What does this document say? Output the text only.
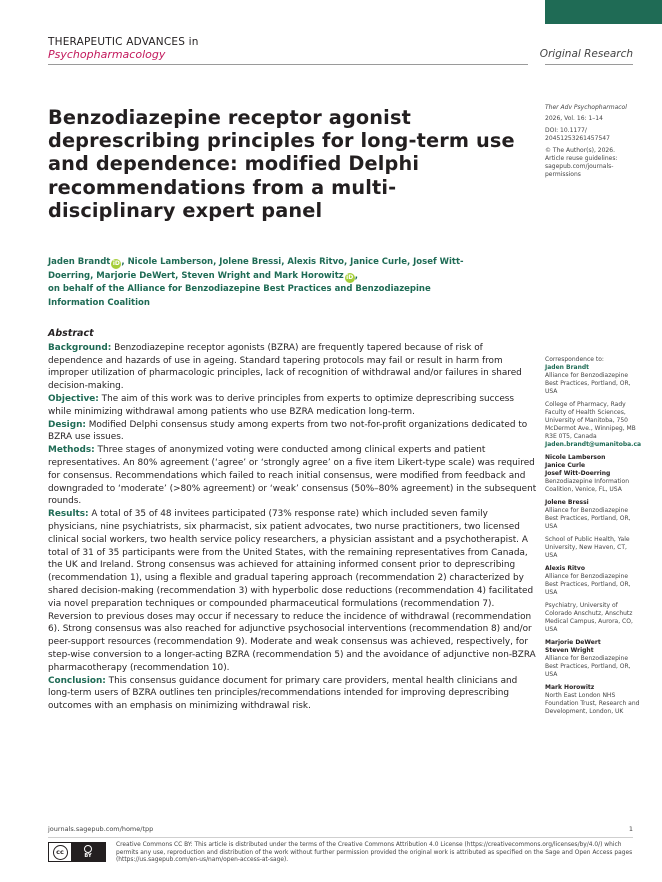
THERAPEUTIC ADVANCES in
Psychopharmacology	Original Research
Benzodiazepine receptor agonist deprescribing principles for long-term use and dependence: modified Delphi recommendations from a multi-disciplinary expert panel
Jaden Brandt iD, Nicole Lamberson, Jolene Bressi, Alexis Ritvo, Janice Curle, Josef Witt-Doerring, Marjorie DeWert, Steven Wright and Mark Horowitz iD,
on behalf of the Alliance for Benzodiazepine Best Practices and Benzodiazepine Information Coalition
Ther Adv Psychopharmacol
2026, Vol. 16: 1–14
DOI: 10.1177/
20451253261457547
© The Author(s), 2026.
Article reuse guidelines:
sagepub.com/journals-
permissions
Correspondence to:
Jaden Brandt
Alliance for Benzodiazepine Best Practices, Portland, OR, USA
College of Pharmacy, Rady Faculty of Health Sciences, University of Manitoba, 750 McDermot Ave., Winnipeg, MB R3E 0T5, Canada
Jaden.brandt@umanitoba.ca
Nicole Lamberson
Janice Curle
Josef Witt-Doerring
Benzodiazepine Information Coalition, Venice, FL, USA
Jolene Bressi
Alliance for Benzodiazepine Best Practices, Portland, OR, USA
School of Public Health, Yale University, New Haven, CT, USA
Alexis Ritvo
Alliance for Benzodiazepine Best Practices, Portland, OR, USA
Psychiatry, University of Colorado Anschutz, Anschutz Medical Campus, Aurora, CO, USA
Marjorie DeWert
Steven Wright
Alliance for Benzodiazepine Best Practices, Portland, OR, USA
Mark Horowitz
North East London NHS Foundation Trust, Research and Development, London, UK
Abstract

Background: Benzodiazepine receptor agonists (BZRA) are frequently tapered because of risk of dependence and hazards of use in ageing. Standard tapering protocols may fail or result in harm from improper utilization of pharmacologic principles, lack of recognition of withdrawal and/or failures in shared decision-making.

Objective: The aim of this work was to derive principles from experts to optimize deprescribing success while minimizing withdrawal among patients who use BZRA medication long-term.

Design: Modified Delphi consensus study among experts from two not-for-profit organizations dedicated to BZRA use issues.

Methods: Three stages of anonymized voting were conducted among clinical experts and patient representatives. An 80% agreement (‘agree’ or ‘strongly agree’ on a five item Likert-type scale) was required for consensus. Recommendations which failed to reach initial consensus, were modified from feedback and downgraded to ‘moderate’ (>80% agreement) or ‘weak’ consensus (50%–80% agreement) in the subsequent rounds.

Results: A total of 35 of 48 invitees participated (73% response rate) which included seven family physicians, nine psychiatrists, six pharmacist, six patient advocates, two nurse practitioners, two licensed clinical social workers, two health service policy researchers, a physician assistant and a psychotherapist. A total of 31 of 35 participants were from the United States, with the remaining representatives from Canada, the UK and Ireland. Strong consensus was achieved for attaining informed consent prior to deprescribing (recommendation 1), using a flexible and gradual tapering approach (recommendation 2) characterized by shared decision-making (recommendation 3) with hyperbolic dose reductions (recommendation 4) facilitated via novel preparation techniques or compounded pharmaceutical formulations (recommendation 7). Reversion to previous doses may occur if necessary to reduce the incidence of withdrawal (recommendation 6). Strong consensus was also reached for adjunctive psychosocial interventions (recommendation 8) and/or peer-support resources (recommendation 9). Moderate and weak consensus was achieved, respectively, for step-wise conversion to a longer-acting BZRA (recommendation 5) and the avoidance of adjunctive non-BZRA pharmacotherapy (recommendation 10).

Conclusion: This consensus guidance document for primary care providers, mental health clinicians and long-term users of BZRA outlines ten principles/recommendations intended for improving deprescribing outcomes with an emphasis on minimizing withdrawal risk.

journals.sagepub.com/home/tpp	1
cc	BY
Creative Commons CC BY: This article is distributed under the terms of the Creative Commons Attribution 4.0 License (https://creativecommons.org/licenses/by/4.0/) which permits any use, reproduction and distribution of the work without further permission provided the original work is attributed as specified on the Sage and Open Access pages (https://us.sagepub.com/en-us/nam/open-access-at-sage).
